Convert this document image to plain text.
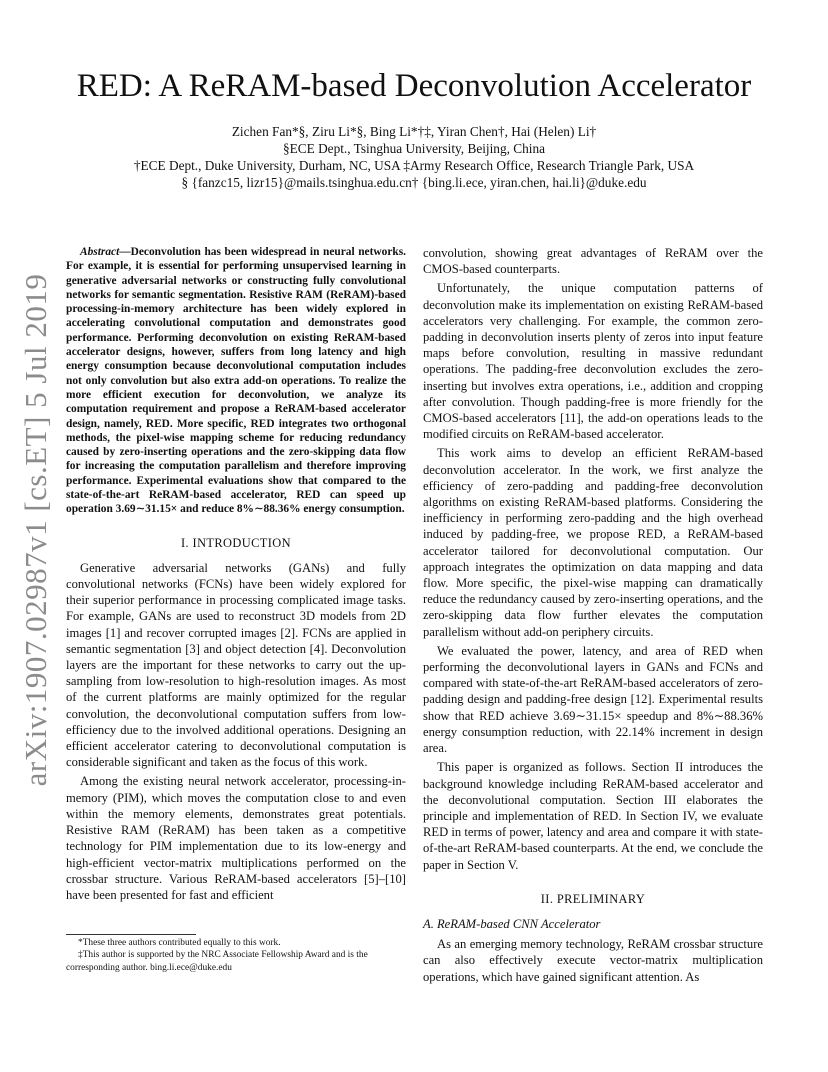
arXiv:1907.02987v1 [cs.ET] 5 Jul 2019
RED: A ReRAM-based Deconvolution Accelerator
Zichen Fan*§, Ziru Li*§, Bing Li*†‡, Yiran Chen†, Hai (Helen) Li†
§ECE Dept., Tsinghua University, Beijing, China
†ECE Dept., Duke University, Durham, NC, USA ‡Army Research Office, Research Triangle Park, USA
§ {fanzc15, lizr15}@mails.tsinghua.edu.cn† {bing.li.ece, yiran.chen, hai.li}@duke.edu

Abstract—Deconvolution has been widespread in neural networks. For example, it is essential for performing unsupervised learning in generative adversarial networks or constructing fully convolutional networks for semantic segmentation. Resistive RAM (ReRAM)-based processing-in-memory architecture has been widely explored in accelerating convolutional computation and demonstrates good performance. Performing deconvolution on existing ReRAM-based accelerator designs, however, suffers from long latency and high energy consumption because deconvolutional computation includes not only convolution but also extra add-on operations. To realize the more efficient execution for deconvolution, we analyze its computation requirement and propose a ReRAM-based accelerator design, namely, RED. More specific, RED integrates two orthogonal methods, the pixel-wise mapping scheme for reducing redundancy caused by zero-inserting operations and the zero-skipping data flow for increasing the computation parallelism and therefore improving performance. Experimental evaluations show that compared to the state-of-the-art ReRAM-based accelerator, RED can speed up operation 3.69∼31.15× and reduce 8%∼88.36% energy consumption.

I. INTRODUCTION

Generative adversarial networks (GANs) and fully convolutional networks (FCNs) have been widely explored for their superior performance in processing complicated image tasks. For example, GANs are used to reconstruct 3D models from 2D images [1] and recover corrupted images [2]. FCNs are applied in semantic segmentation [3] and object detection [4]. Deconvolution layers are the important for these networks to carry out the up-sampling from low-resolution to high-resolution images. As most of the current platforms are mainly optimized for the regular convolution, the deconvolutional computation suffers from low-efficiency due to the involved additional operations. Designing an efficient accelerator catering to deconvolutional computation is considerable significant and taken as the focus of this work.

Among the existing neural network accelerator, processing-in-memory (PIM), which moves the computation close to and even within the memory elements, demonstrates great potentials. Resistive RAM (ReRAM) has been taken as a competitive technology for PIM implementation due to its low-energy and high-efficient vector-matrix multiplications performed on the crossbar structure. Various ReRAM-based accelerators [5]–[10] have been presented for fast and efficient

convolution, showing great advantages of ReRAM over the CMOS-based counterparts.

Unfortunately, the unique computation patterns of deconvolution make its implementation on existing ReRAM-based accelerators very challenging. For example, the common zero-padding in deconvolution inserts plenty of zeros into input feature maps before convolution, resulting in massive redundant operations. The padding-free deconvolution excludes the zero-inserting but involves extra operations, i.e., addition and cropping after convolution. Though padding-free is more friendly for the CMOS-based accelerators [11], the add-on operations leads to the modified circuits on ReRAM-based accelerator.

This work aims to develop an efficient ReRAM-based deconvolution accelerator. In the work, we first analyze the efficiency of zero-padding and padding-free deconvolution algorithms on existing ReRAM-based platforms. Considering the inefficiency in performing zero-padding and the high overhead induced by padding-free, we propose RED, a ReRAM-based accelerator tailored for deconvolutional computation. Our approach integrates the optimization on data mapping and data flow. More specific, the pixel-wise mapping can dramatically reduce the redundancy caused by zero-inserting operations, and the zero-skipping data flow further elevates the computation parallelism without add-on periphery circuits.

We evaluated the power, latency, and area of RED when performing the deconvolutional layers in GANs and FCNs and compared with state-of-the-art ReRAM-based accelerators of zero-padding design and padding-free design [12]. Experimental results show that RED achieve 3.69∼31.15× speedup and 8%∼88.36% energy consumption reduction, with 22.14% increment in design area.

This paper is organized as follows. Section II introduces the background knowledge including ReRAM-based accelerator and the deconvolutional computation. Section III elaborates the principle and implementation of RED. In Section IV, we evaluate RED in terms of power, latency and area and compare it with state-of-the-art ReRAM-based counterparts. At the end, we conclude the paper in Section V.

II. PRELIMINARY
A. ReRAM-based CNN Accelerator

As an emerging memory technology, ReRAM crossbar structure can also effectively execute vector-matrix multiplication operations, which have gained significant attention. As

*These three authors contributed equally to this work.
‡This author is supported by the NRC Associate Fellowship Award and is the corresponding author. bing.li.ece@duke.edu
